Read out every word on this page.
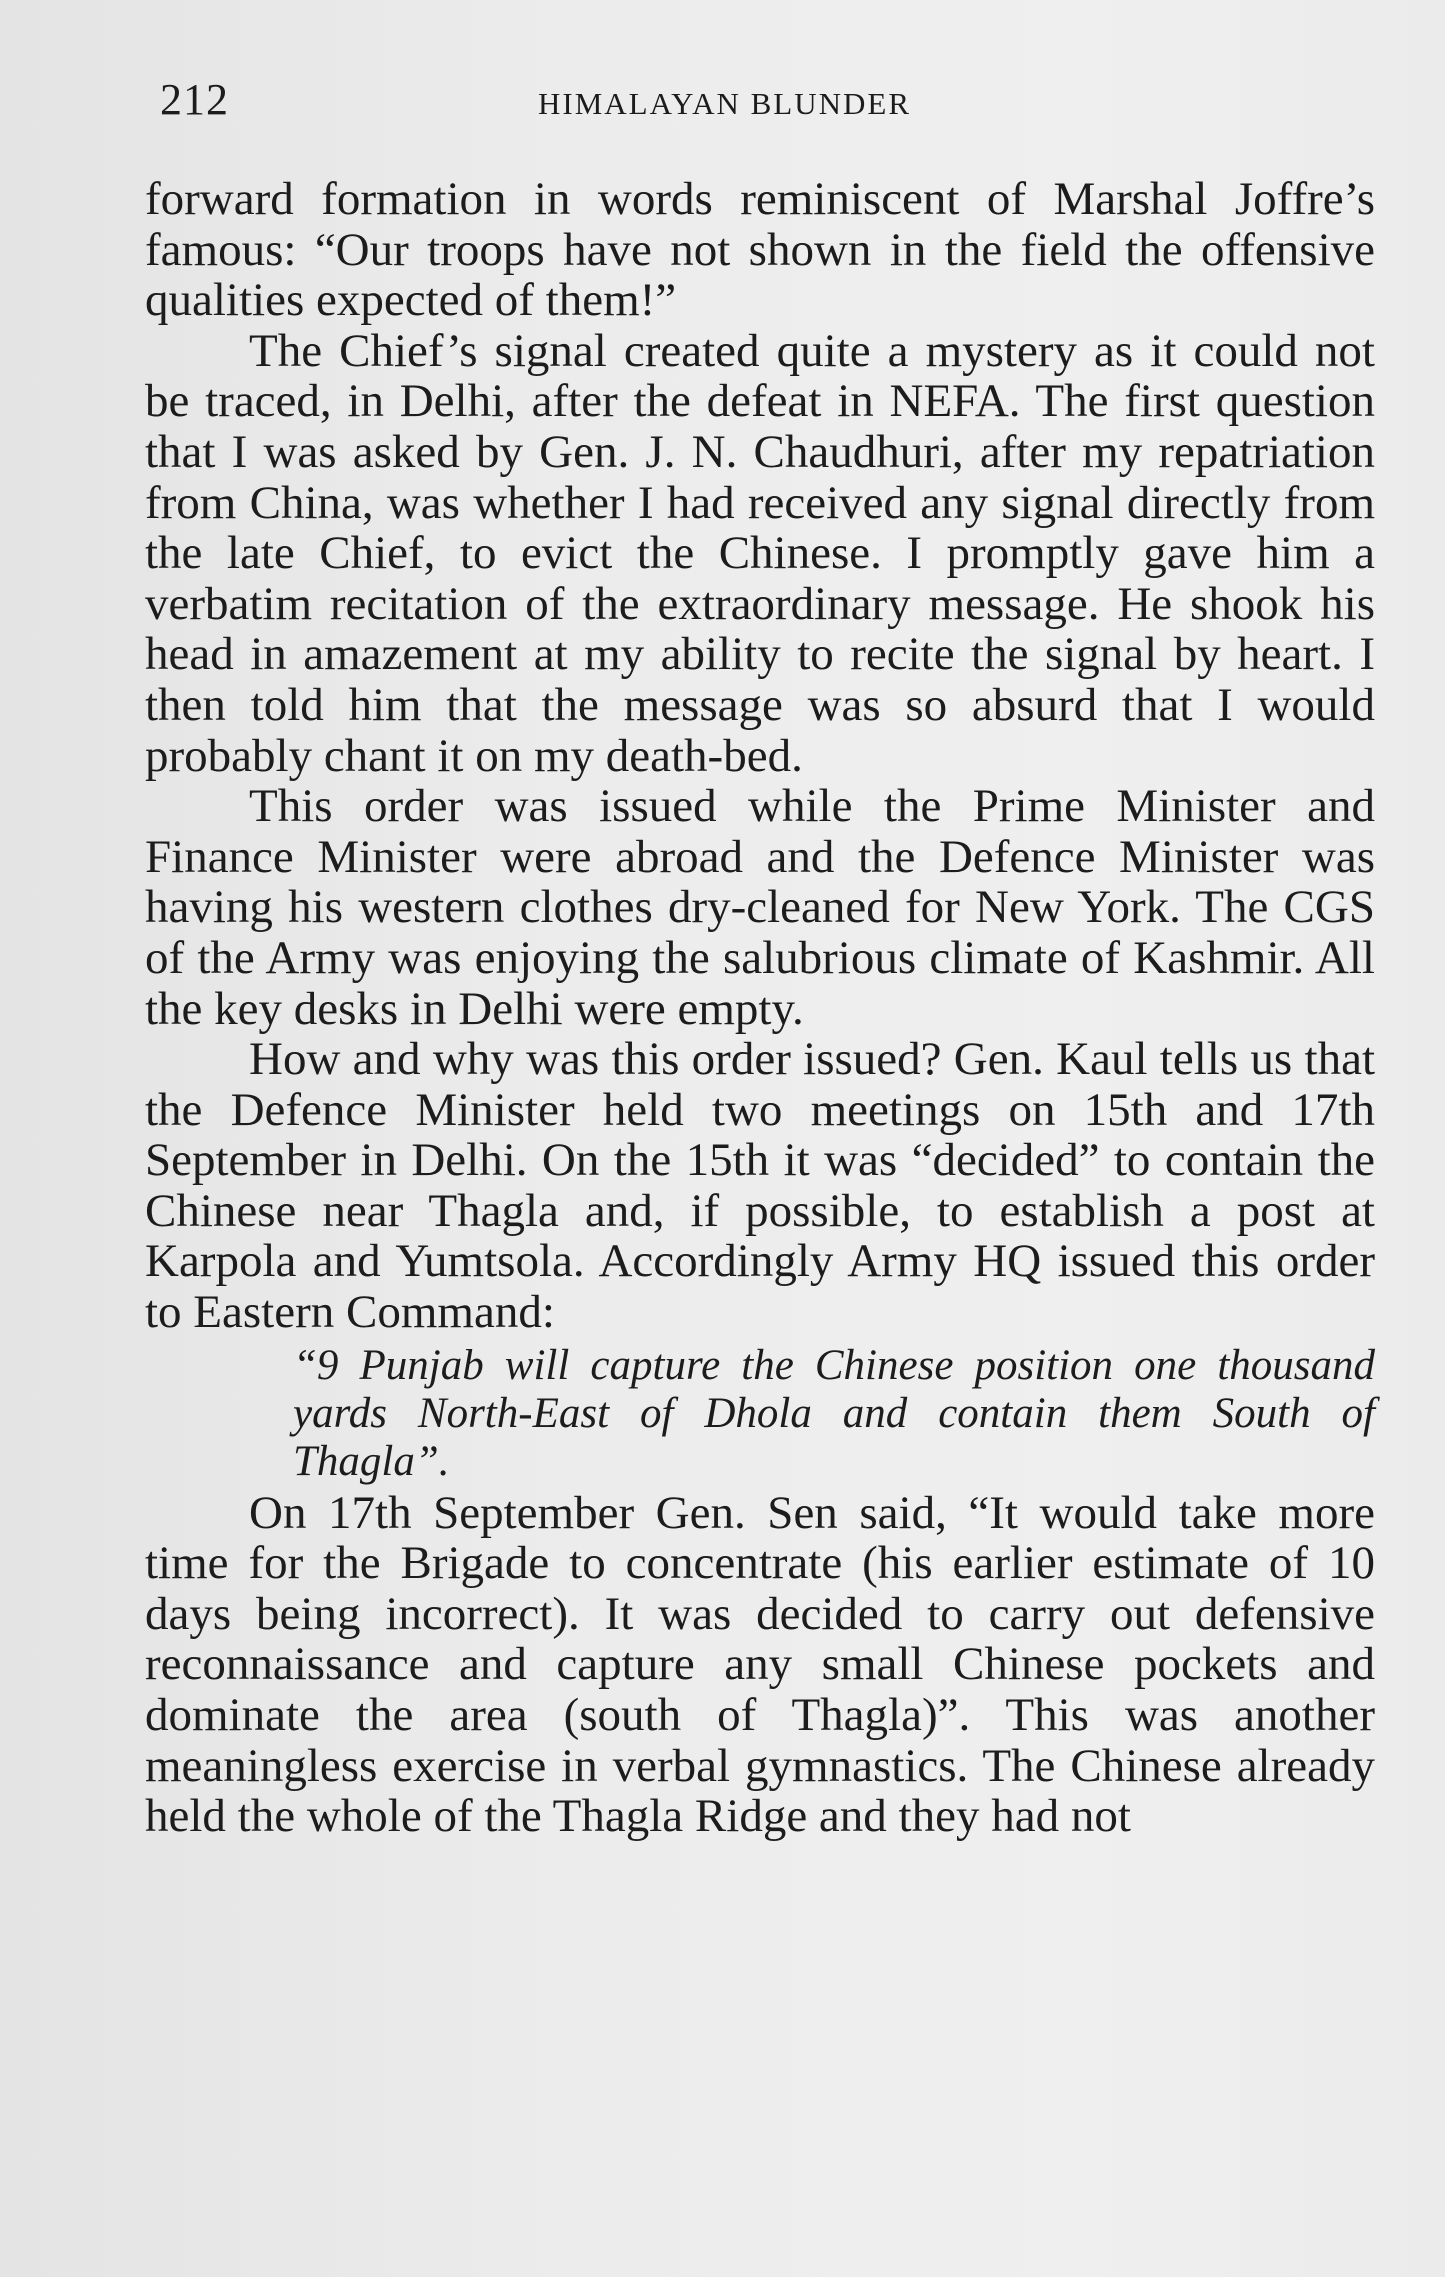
212	HIMALAYAN BLUNDER

forward formation in words reminiscent of Marshal Joffre’s famous: “Our troops have not shown in the field the offensive qualities expected of them!”

The Chief’s signal created quite a mystery as it could not be traced, in Delhi, after the defeat in NEFA. The first question that I was asked by Gen. J. N. Chaudhuri, after my repatriation from China, was whether I had received any signal directly from the late Chief, to evict the Chinese. I promptly gave him a verbatim recitation of the extraordinary message. He shook his head in amazement at my ability to recite the signal by heart. I then told him that the message was so absurd that I would probably chant it on my death-bed.

This order was issued while the Prime Minister and Finance Minister were abroad and the Defence Minister was having his western clothes dry-cleaned for New York. The CGS of the Army was enjoying the salubrious climate of Kashmir. All the key desks in Delhi were empty.

How and why was this order issued? Gen. Kaul tells us that the Defence Minister held two meetings on 15th and 17th September in Delhi. On the 15th it was “decided” to contain the Chinese near Thagla and, if possible, to establish a post at Karpola and Yumtsola. Accordingly Army HQ issued this order to Eastern Command:

“9 Punjab will capture the Chinese position one thousand yards North-East of Dhola and contain them South of Thagla”.

On 17th September Gen. Sen said, “It would take more time for the Brigade to concentrate (his earlier estimate of 10 days being incorrect). It was decided to carry out defensive reconnaissance and capture any small Chinese pockets and dominate the area (south of Thagla)”. This was another meaningless exercise in verbal gymnastics. The Chinese already held the whole of the Thagla Ridge and they had not
